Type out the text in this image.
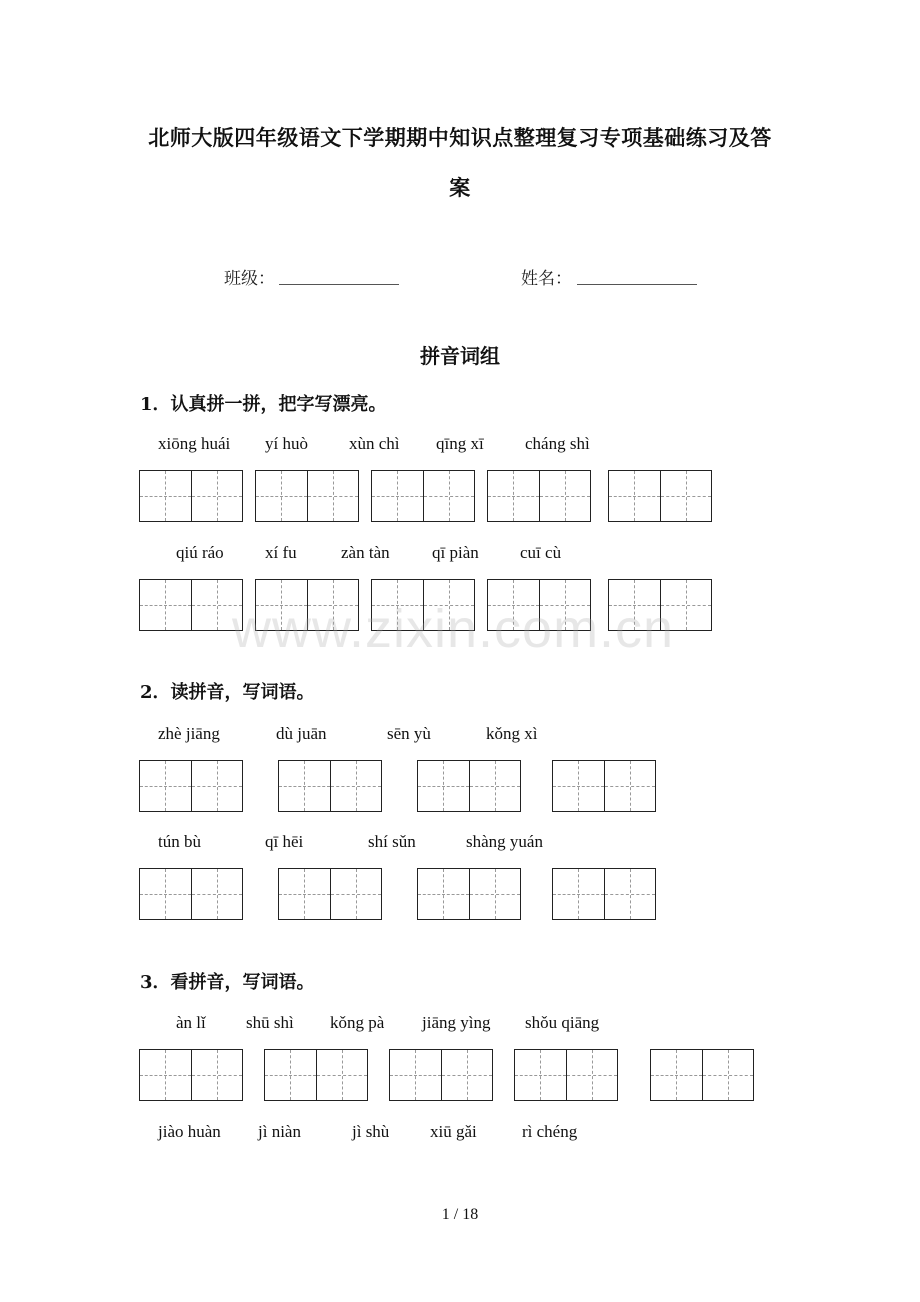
北师大版四年级语文下学期期中知识点整理复习专项基础练习及答
案
班级：	姓名：
拼音词组
1．认真拼一拼，把字写漂亮。
xiōng huái yí huò xùn chì qīng xī cháng shì
qiú ráo xí fu	zàn tàn qī piàn cuī cù
www.zixin.com.cn
2．读拼音，写词语。
zhè jiāng	dù juān	sēn yù	kǒng xì
tún bù	qī hēi	shí sǔn	shàng yuán
3．看拼音，写词语。
àn lǐ shū shì kǒng pà jiāng yìng shǒu qiāng
jiào huàn jì niàn	jì shù xiū gǎi	rì chéng
1 / 18
